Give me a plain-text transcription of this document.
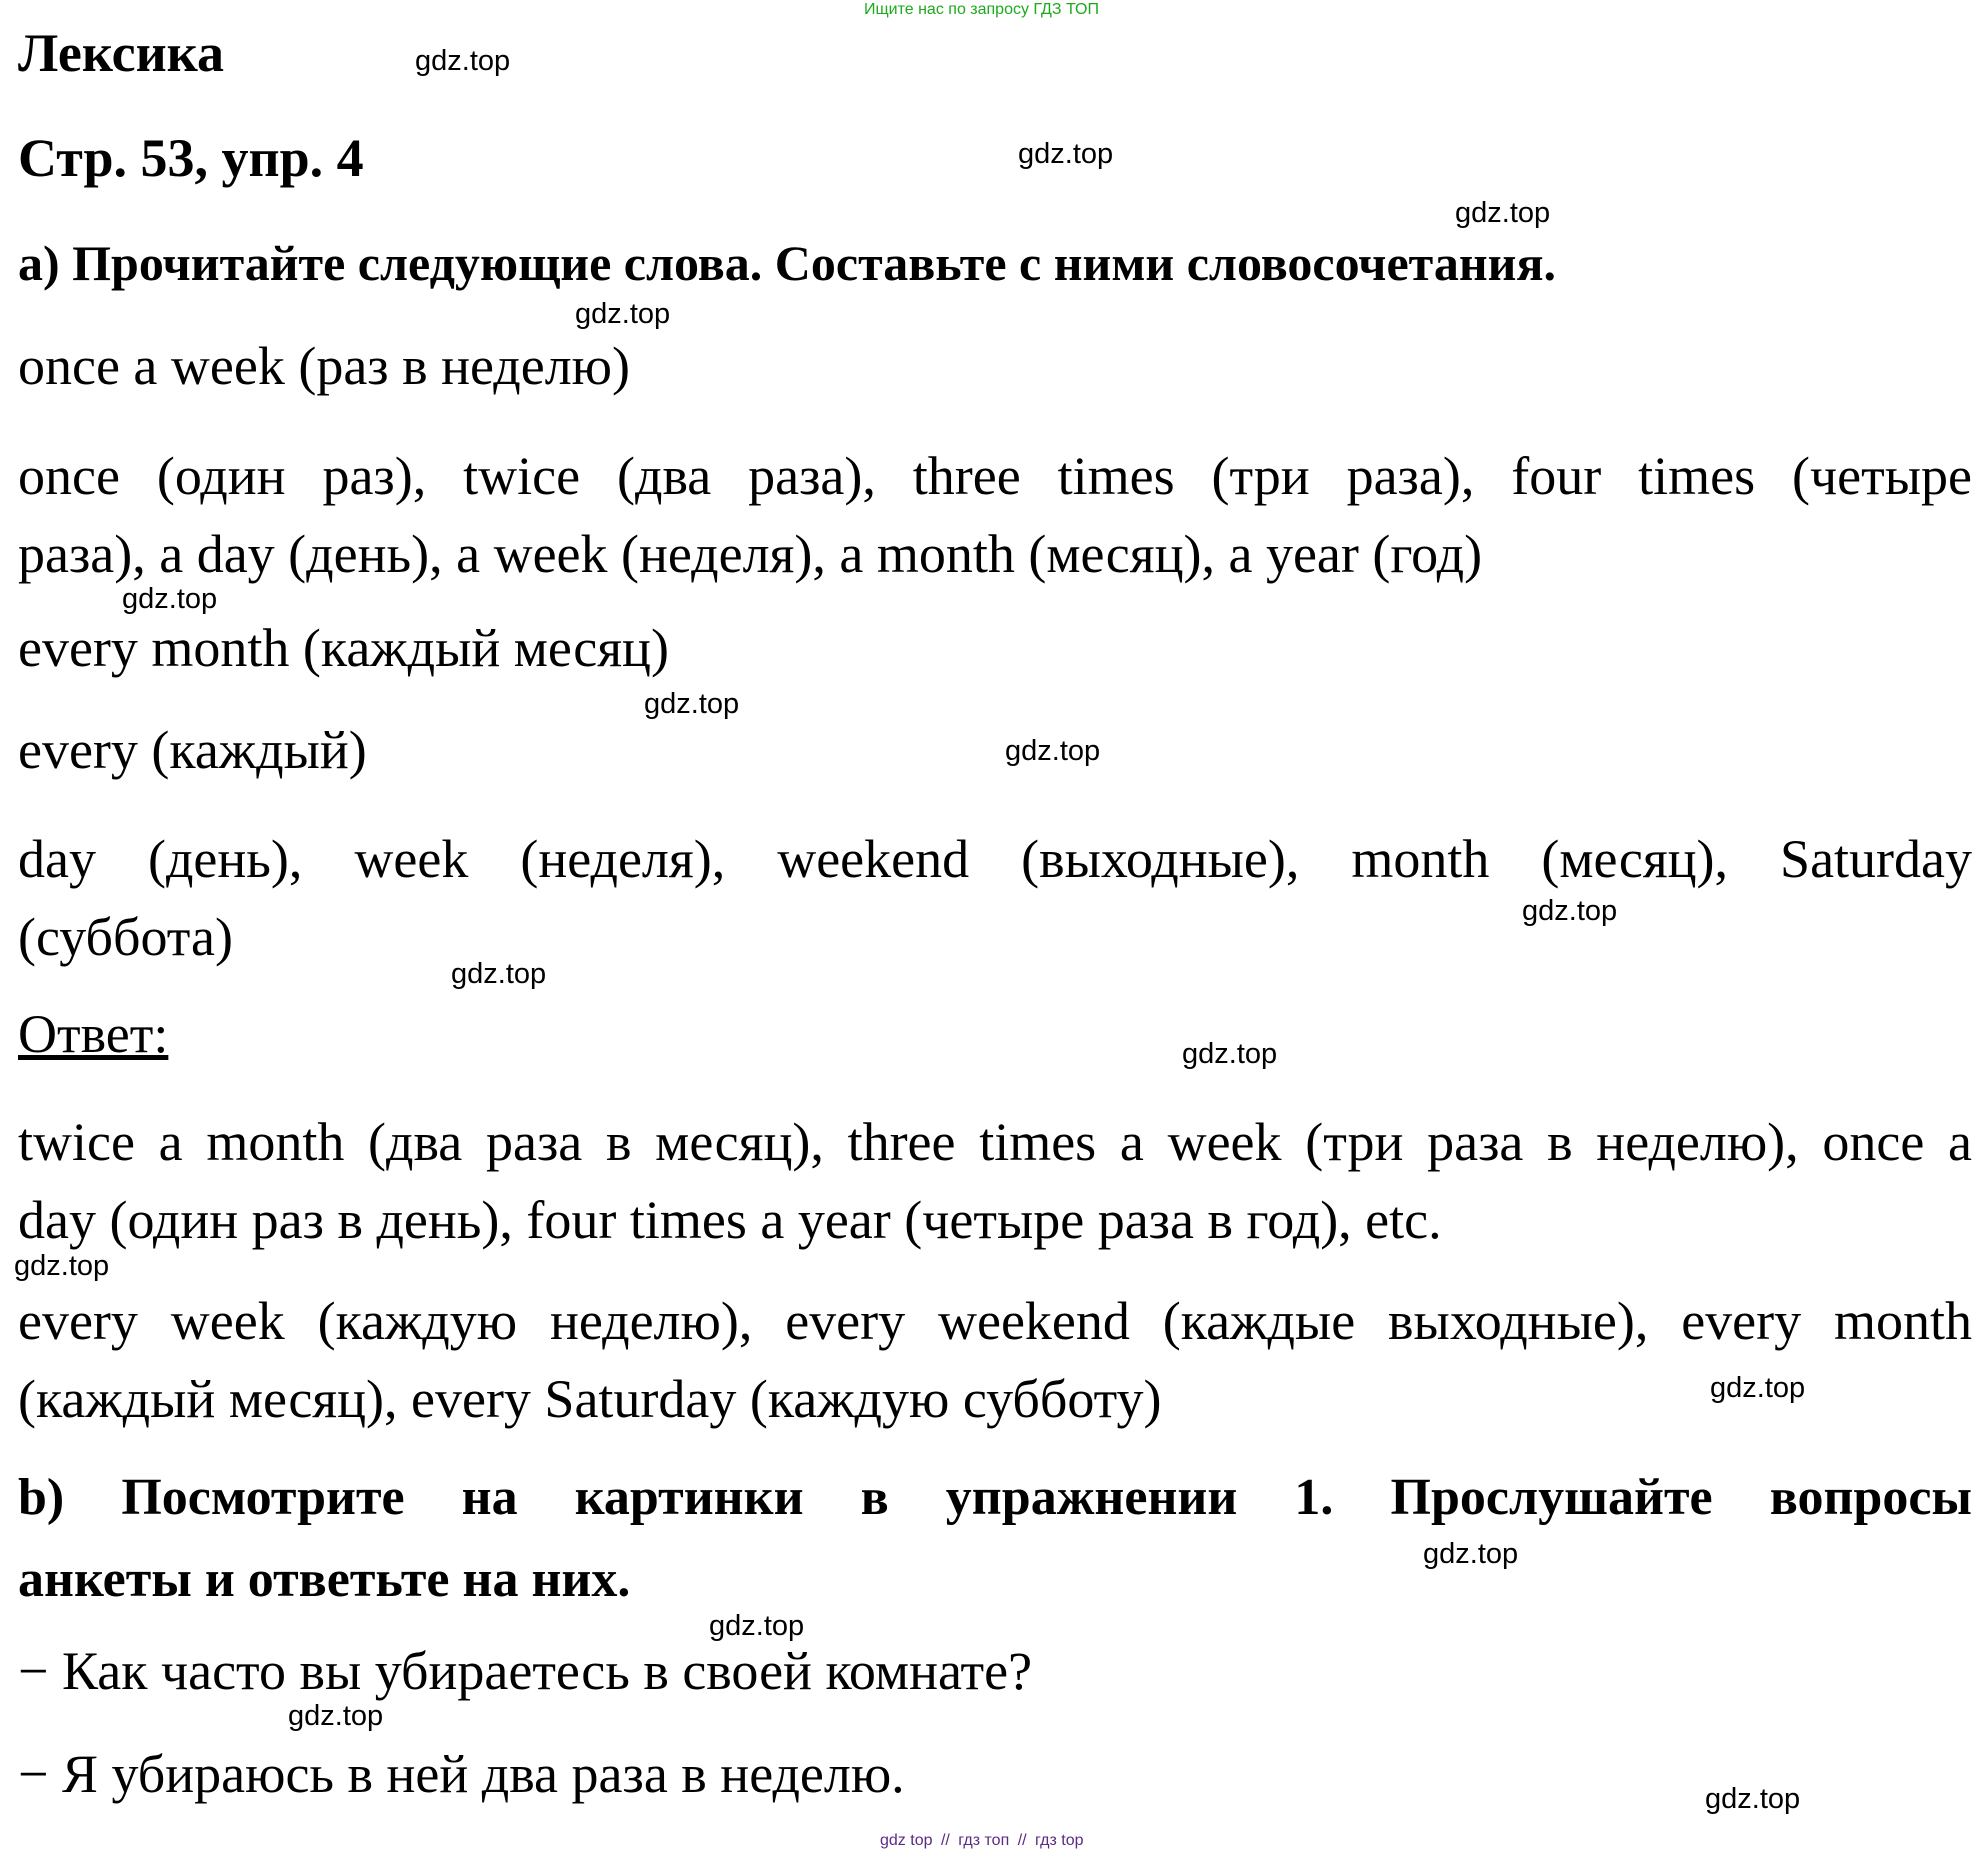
Ищите нас по запросу ГДЗ ТОП
Лексика
Стр. 53, упр. 4
a) Прочитайте следующие слова. Составьте с ними словосочетания.
once a week (раз в неделю)
once (один раз), twice (два раза), three times (три раза), four times (четыре
раза), a day (день), a week (неделя), a month (месяц), a year (год)
every month (каждый месяц)
every (каждый)
day (день), week (неделя), weekend (выходные), month (месяц), Saturday
(суббота)
Ответ:
twice a month (два раза в месяц), three times a week (три раза в неделю), once a
day (один раз в день), four times a year (четыре раза в год), etc.
every week (каждую неделю), every weekend (каждые выходные), every month
(каждый месяц), every Saturday (каждую субботу)
b) Посмотрите на картинки в упражнении 1. Прослушайте вопросы
анкеты и ответьте на них.
− Как часто вы убираетесь в своей комнате?
− Я убираюсь в ней два раза в неделю.
gdz.top
gdz.top
gdz.top
gdz.top
gdz.top
gdz.top
gdz.top
gdz.top
gdz.top
gdz.top
gdz.top
gdz.top
gdz.top
gdz.top
gdz.top
gdz.top
gdz top // гдз топ // гдз top
